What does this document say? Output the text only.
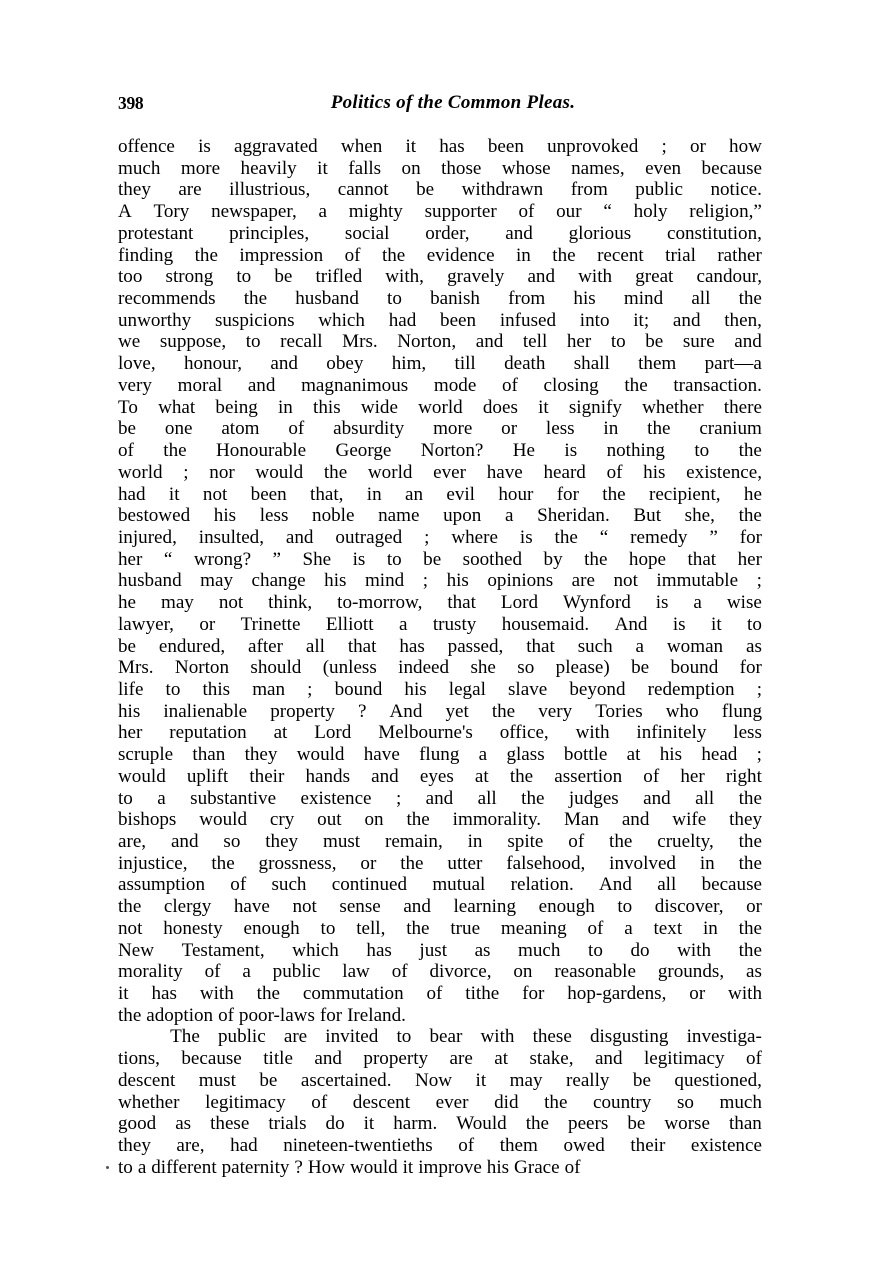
398	Politics of the Common Pleas.
offence is aggravated when it has been unprovoked ; or how
much more heavily it falls on those whose names, even because
they are illustrious, cannot be withdrawn from public notice.
A Tory newspaper, a mighty supporter of our “ holy religion,”
protestant principles, social order, and glorious constitution,
finding the impression of the evidence in the recent trial rather
too strong to be trifled with, gravely and with great candour,
recommends the husband to banish from his mind all the
unworthy suspicions which had been infused into it; and then,
we suppose, to recall Mrs. Norton, and tell her to be sure and
love, honour, and obey him, till death shall them part—a
very moral and magnanimous mode of closing the transaction.
To what being in this wide world does it signify whether there
be one atom of absurdity more or less in the cranium
of the Honourable George Norton? He is nothing to the
world ; nor would the world ever have heard of his existence,
had it not been that, in an evil hour for the recipient, he
bestowed his less noble name upon a Sheridan. But she, the
injured, insulted, and outraged ; where is the “ remedy ” for
her “ wrong? ” She is to be soothed by the hope that her
husband may change his mind ; his opinions are not immutable ;
he may not think, to-morrow, that Lord Wynford is a wise
lawyer, or Trinette Elliott a trusty housemaid. And is it to
be endured, after all that has passed, that such a woman as
Mrs. Norton should (unless indeed she so please) be bound for
life to this man ; bound his legal slave beyond redemption ;
his inalienable property ? And yet the very Tories who flung
her reputation at Lord Melbourne's office, with infinitely less
scruple than they would have flung a glass bottle at his head ;
would uplift their hands and eyes at the assertion of her right
to a substantive existence ; and all the judges and all the
bishops would cry out on the immorality. Man and wife they
are, and so they must remain, in spite of the cruelty, the
injustice, the grossness, or the utter falsehood, involved in the
assumption of such continued mutual relation. And all because
the clergy have not sense and learning enough to discover, or
not honesty enough to tell, the true meaning of a text in the
New Testament, which has just as much to do with the
morality of a public law of divorce, on reasonable grounds, as
it has with the commutation of tithe for hop-gardens, or with
the adoption of poor-laws for Ireland.
The public are invited to bear with these disgusting investiga-
tions, because title and property are at stake, and legitimacy of
descent must be ascertained. Now it may really be questioned,
whether legitimacy of descent ever did the country so much
good as these trials do it harm. Would the peers be worse than
they are, had nineteen-twentieths of them owed their existence
to a different paternity ? How would it improve his Grace of
